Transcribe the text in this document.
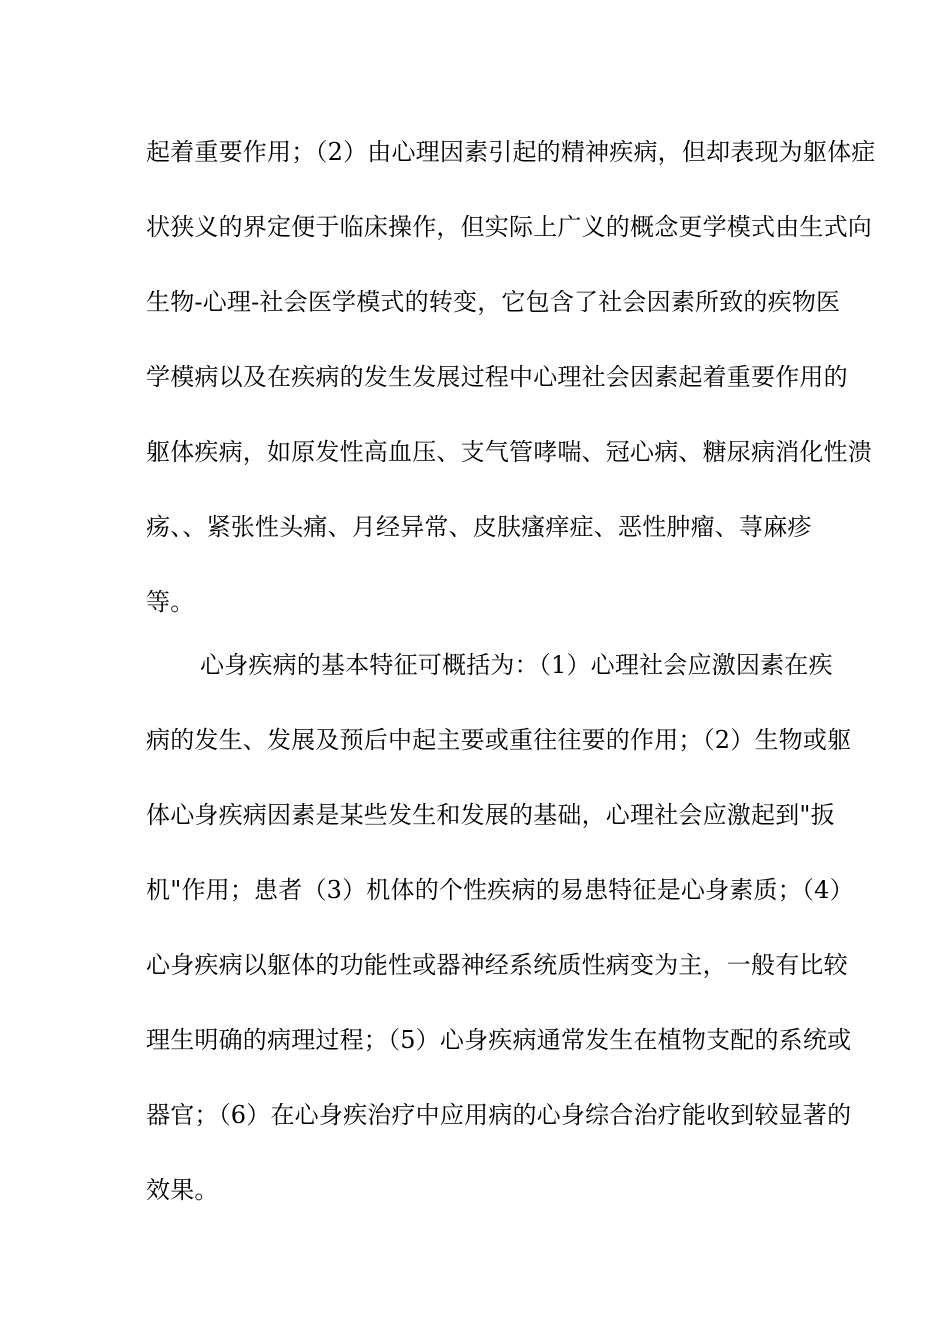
起着重要作用；（2）由心理因素引起的精神疾病，但却表现为躯体症
状狭义的界定便于临床操作，但实际上广义的概念更学模式由生式向
生物-心理-社会医学模式的转变，它包含了社会因素所致的疾物医
学模病以及在疾病的发生发展过程中心理社会因素起着重要作用的
躯体疾病，如原发性高血压、支气管哮喘、冠心病、糖尿病消化性溃
疡、、紧张性头痛、月经异常、皮肤瘙痒症、恶性肿瘤、荨麻疹
等。
心身疾病的基本特征可概括为：（1）心理社会应激因素在疾
病的发生、发展及预后中起主要或重往往要的作用；（2）生物或躯
体心身疾病因素是某些发生和发展的基础，心理社会应激起到"扳
机"作用；患者（3）机体的个性疾病的易患特征是心身素质；（4）
心身疾病以躯体的功能性或器神经系统质性病变为主，一般有比较
理生明确的病理过程；（5）心身疾病通常发生在植物支配的系统或
器官；（6）在心身疾治疗中应用病的心身综合治疗能收到较显著的
效果。
